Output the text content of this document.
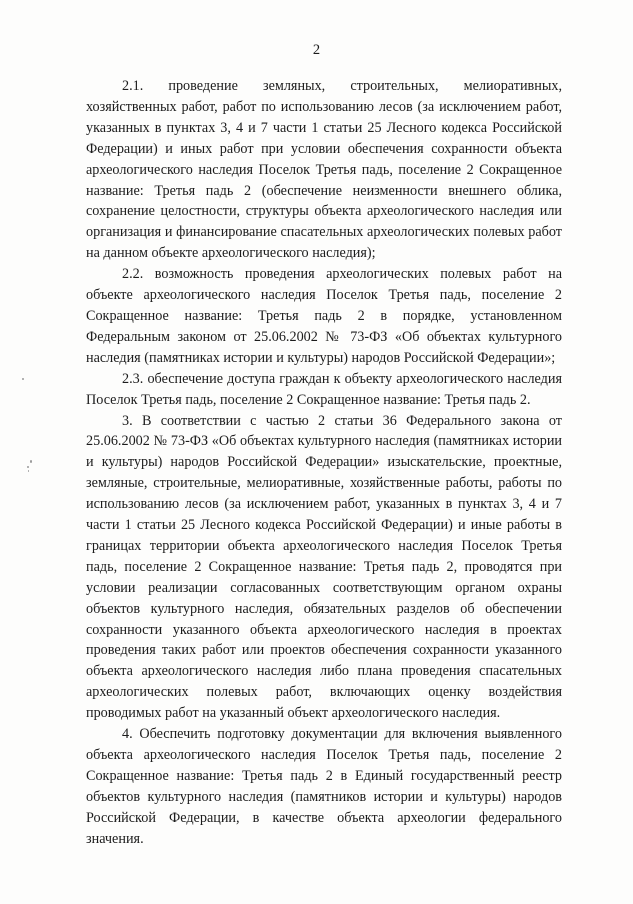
2

2.1. проведение земляных, строительных, мелиоративных, хозяйственных работ, работ по использованию лесов (за исключением работ, указанных в пунктах 3, 4 и 7 части 1 статьи 25 Лесного кодекса Российской Федерации) и иных работ при условии обеспечения сохранности объекта археологического наследия Поселок Третья падь, поселение 2 Сокращенное название: Третья падь 2 (обеспечение неизменности внешнего облика, сохранение целостности, структуры объекта археологического наследия или организация и финансирование спасательных археологических полевых работ на данном объекте археологического наследия);

2.2. возможность проведения археологических полевых работ на объекте археологического наследия Поселок Третья падь, поселение 2 Сокращенное название: Третья падь 2 в порядке, установленном Федеральным законом от 25.06.2002 № 73-ФЗ «Об объектах культурного наследия (памятниках истории и культуры) народов Российской Федерации»;

2.3. обеспечение доступа граждан к объекту археологического наследия Поселок Третья падь, поселение 2 Сокращенное название: Третья падь 2.

3. В соответствии с частью 2 статьи 36 Федерального закона от 25.06.2002 № 73-ФЗ «Об объектах культурного наследия (памятниках истории и культуры) народов Российской Федерации» изыскательские, проектные, земляные, строительные, мелиоративные, хозяйственные работы, работы по использованию лесов (за исключением работ, указанных в пунктах 3, 4 и 7 части 1 статьи 25 Лесного кодекса Российской Федерации) и иные работы в границах территории объекта археологического наследия Поселок Третья падь, поселение 2 Сокращенное название: Третья падь 2, проводятся при условии реализации согласованных соответствующим органом охраны объектов культурного наследия, обязательных разделов об обеспечении сохранности указанного объекта археологического наследия в проектах проведения таких работ или проектов обеспечения сохранности указанного объекта археологического наследия либо плана проведения спасательных археологических полевых работ, включающих оценку воздействия проводимых работ на указанный объект археологического наследия.

4. Обеспечить подготовку документации для включения выявленного объекта археологического наследия Поселок Третья падь, поселение 2 Сокращенное название: Третья падь 2 в Единый государственный реестр объектов культурного наследия (памятников истории и культуры) народов Российской Федерации, в качестве объекта археологии федерального значения.
